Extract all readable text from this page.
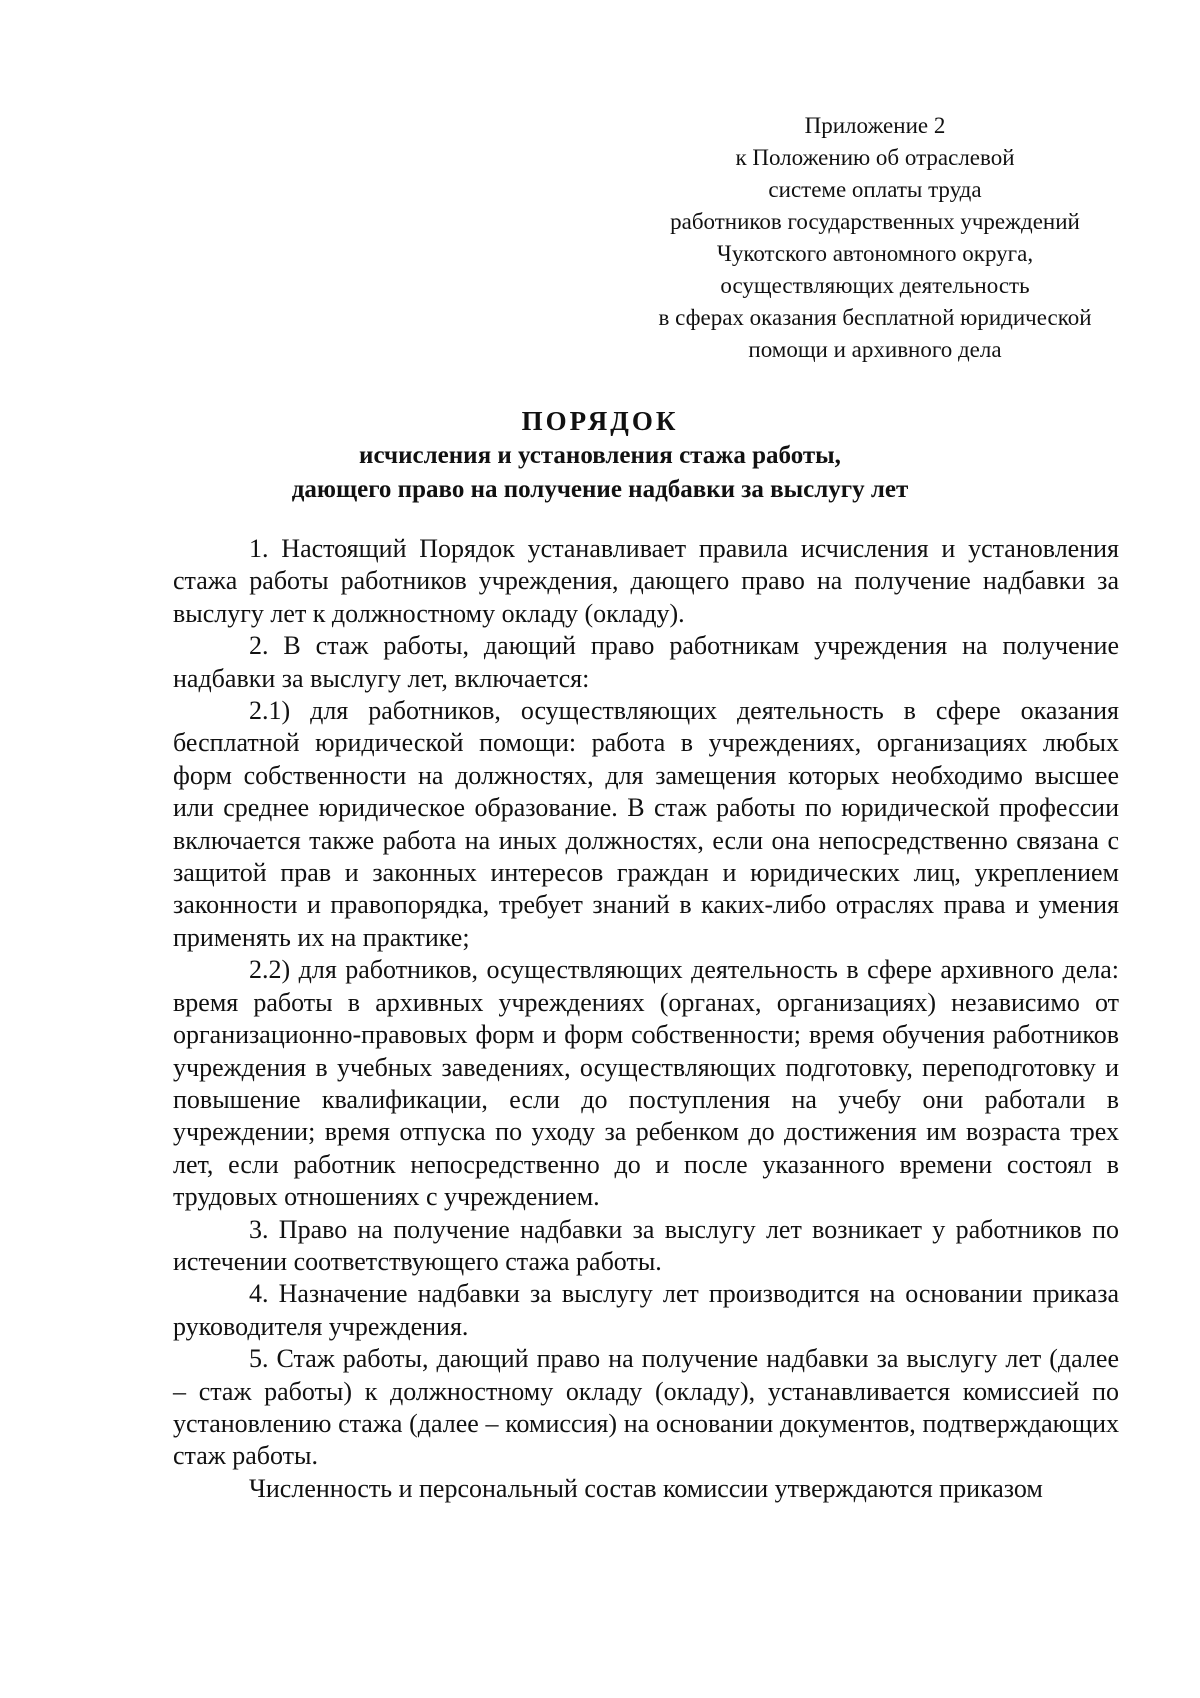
Приложение 2
к Положению об отраслевой
системе оплаты труда
работников государственных учреждений
Чукотского автономного округа,
осуществляющих деятельность
в сферах оказания бесплатной юридической
помощи и архивного дела
ПОРЯДОК
исчисления и установления стажа работы,
дающего право на получение надбавки за выслугу лет

1. Настоящий Порядок устанавливает правила исчисления и установления стажа работы работников учреждения, дающего право на получение надбавки за выслугу лет к должностному окладу (окладу).

2. В стаж работы, дающий право работникам учреждения на получение надбавки за выслугу лет, включается:

2.1) для работников, осуществляющих деятельность в сфере оказания бесплатной юридической помощи: работа в учреждениях, организациях любых форм собственности на должностях, для замещения которых необходимо высшее или среднее юридическое образование. В стаж работы по юридической профессии включается также работа на иных должностях, если она непосредственно связана с защитой прав и законных интересов граждан и юридических лиц, укреплением законности и правопорядка, требует знаний в каких-либо отраслях права и умения применять их на практике;

2.2) для работников, осуществляющих деятельность в сфере архивного дела: время работы в архивных учреждениях (органах, организациях) независимо от организационно-правовых форм и форм собственности; время обучения работников учреждения в учебных заведениях, осуществляющих подготовку, переподготовку и повышение квалификации, если до поступления на учебу они работали в учреждении; время отпуска по уходу за ребенком до достижения им возраста трех лет, если работник непосредственно до и после указанного времени состоял в трудовых отношениях с учреждением.

3. Право на получение надбавки за выслугу лет возникает у работников по истечении соответствующего стажа работы.

4. Назначение надбавки за выслугу лет производится на основании приказа руководителя учреждения.

5. Стаж работы, дающий право на получение надбавки за выслугу лет (далее – стаж работы) к должностному окладу (окладу), устанавливается комиссией по установлению стажа (далее – комиссия) на основании документов, подтверждающих стаж работы.

Численность и персональный состав комиссии утверждаются приказом
